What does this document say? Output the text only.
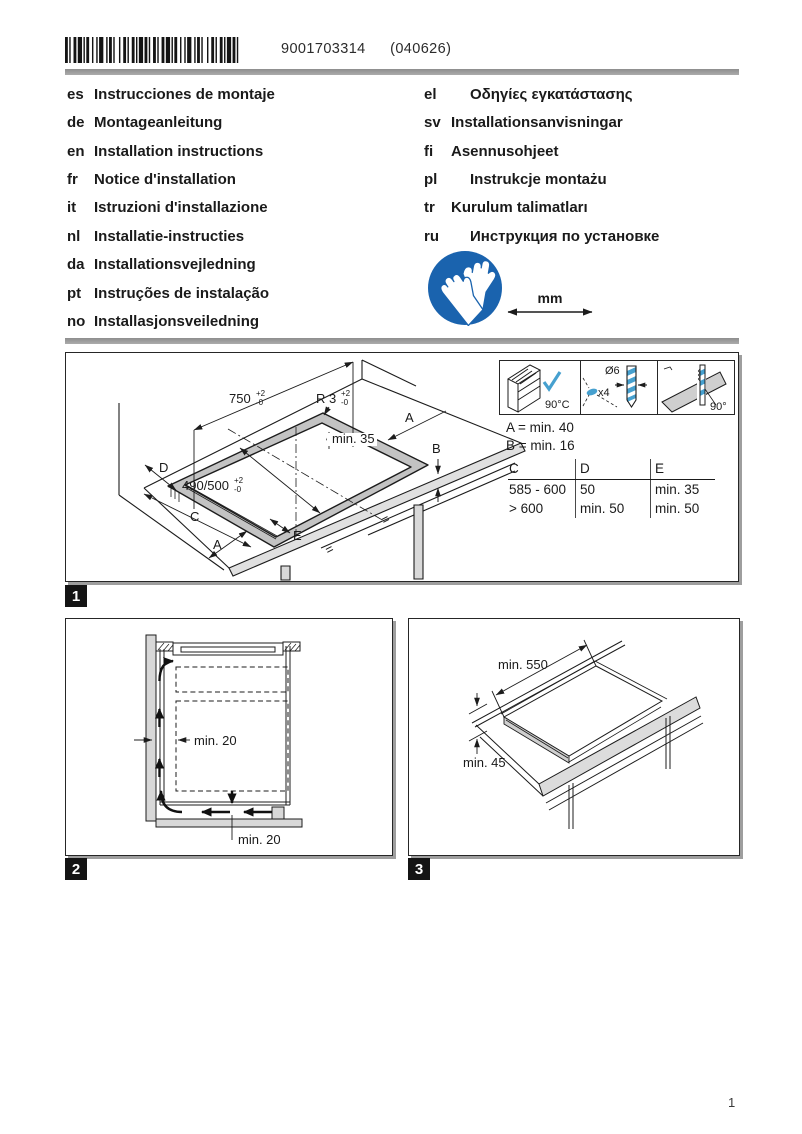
9001703314 (040626)
es Instrucciones de montaje
de Montageanleitung
en Installation instructions
fr	Notice d'installation
it	Istruzioni d'installazione
nl Installatie-instructies
da Installationsvejledning
pt Instruções de instalação
no Installasjonsveiledning
el	Οδηγίες εγκατάστασης
sv Installationsanvisningar
fi	Asennusohjeet
pl	Instrukcje montażu
tr	Kurulum talimatları
ru	Инструкция по установке
mm
750 +2
-0	R 3 +2
-0
A
B
min. 35
490/500 +2
-0
D
C
A
E
=
=
90°C
Ø6
x4
90°
A = min. 40
B = min. 16
C	D	E
585 - 600	50	min. 35
> 600	min. 50	min. 50
1
min. 20
min. 20
2
min. 550
min. 45
3
1
